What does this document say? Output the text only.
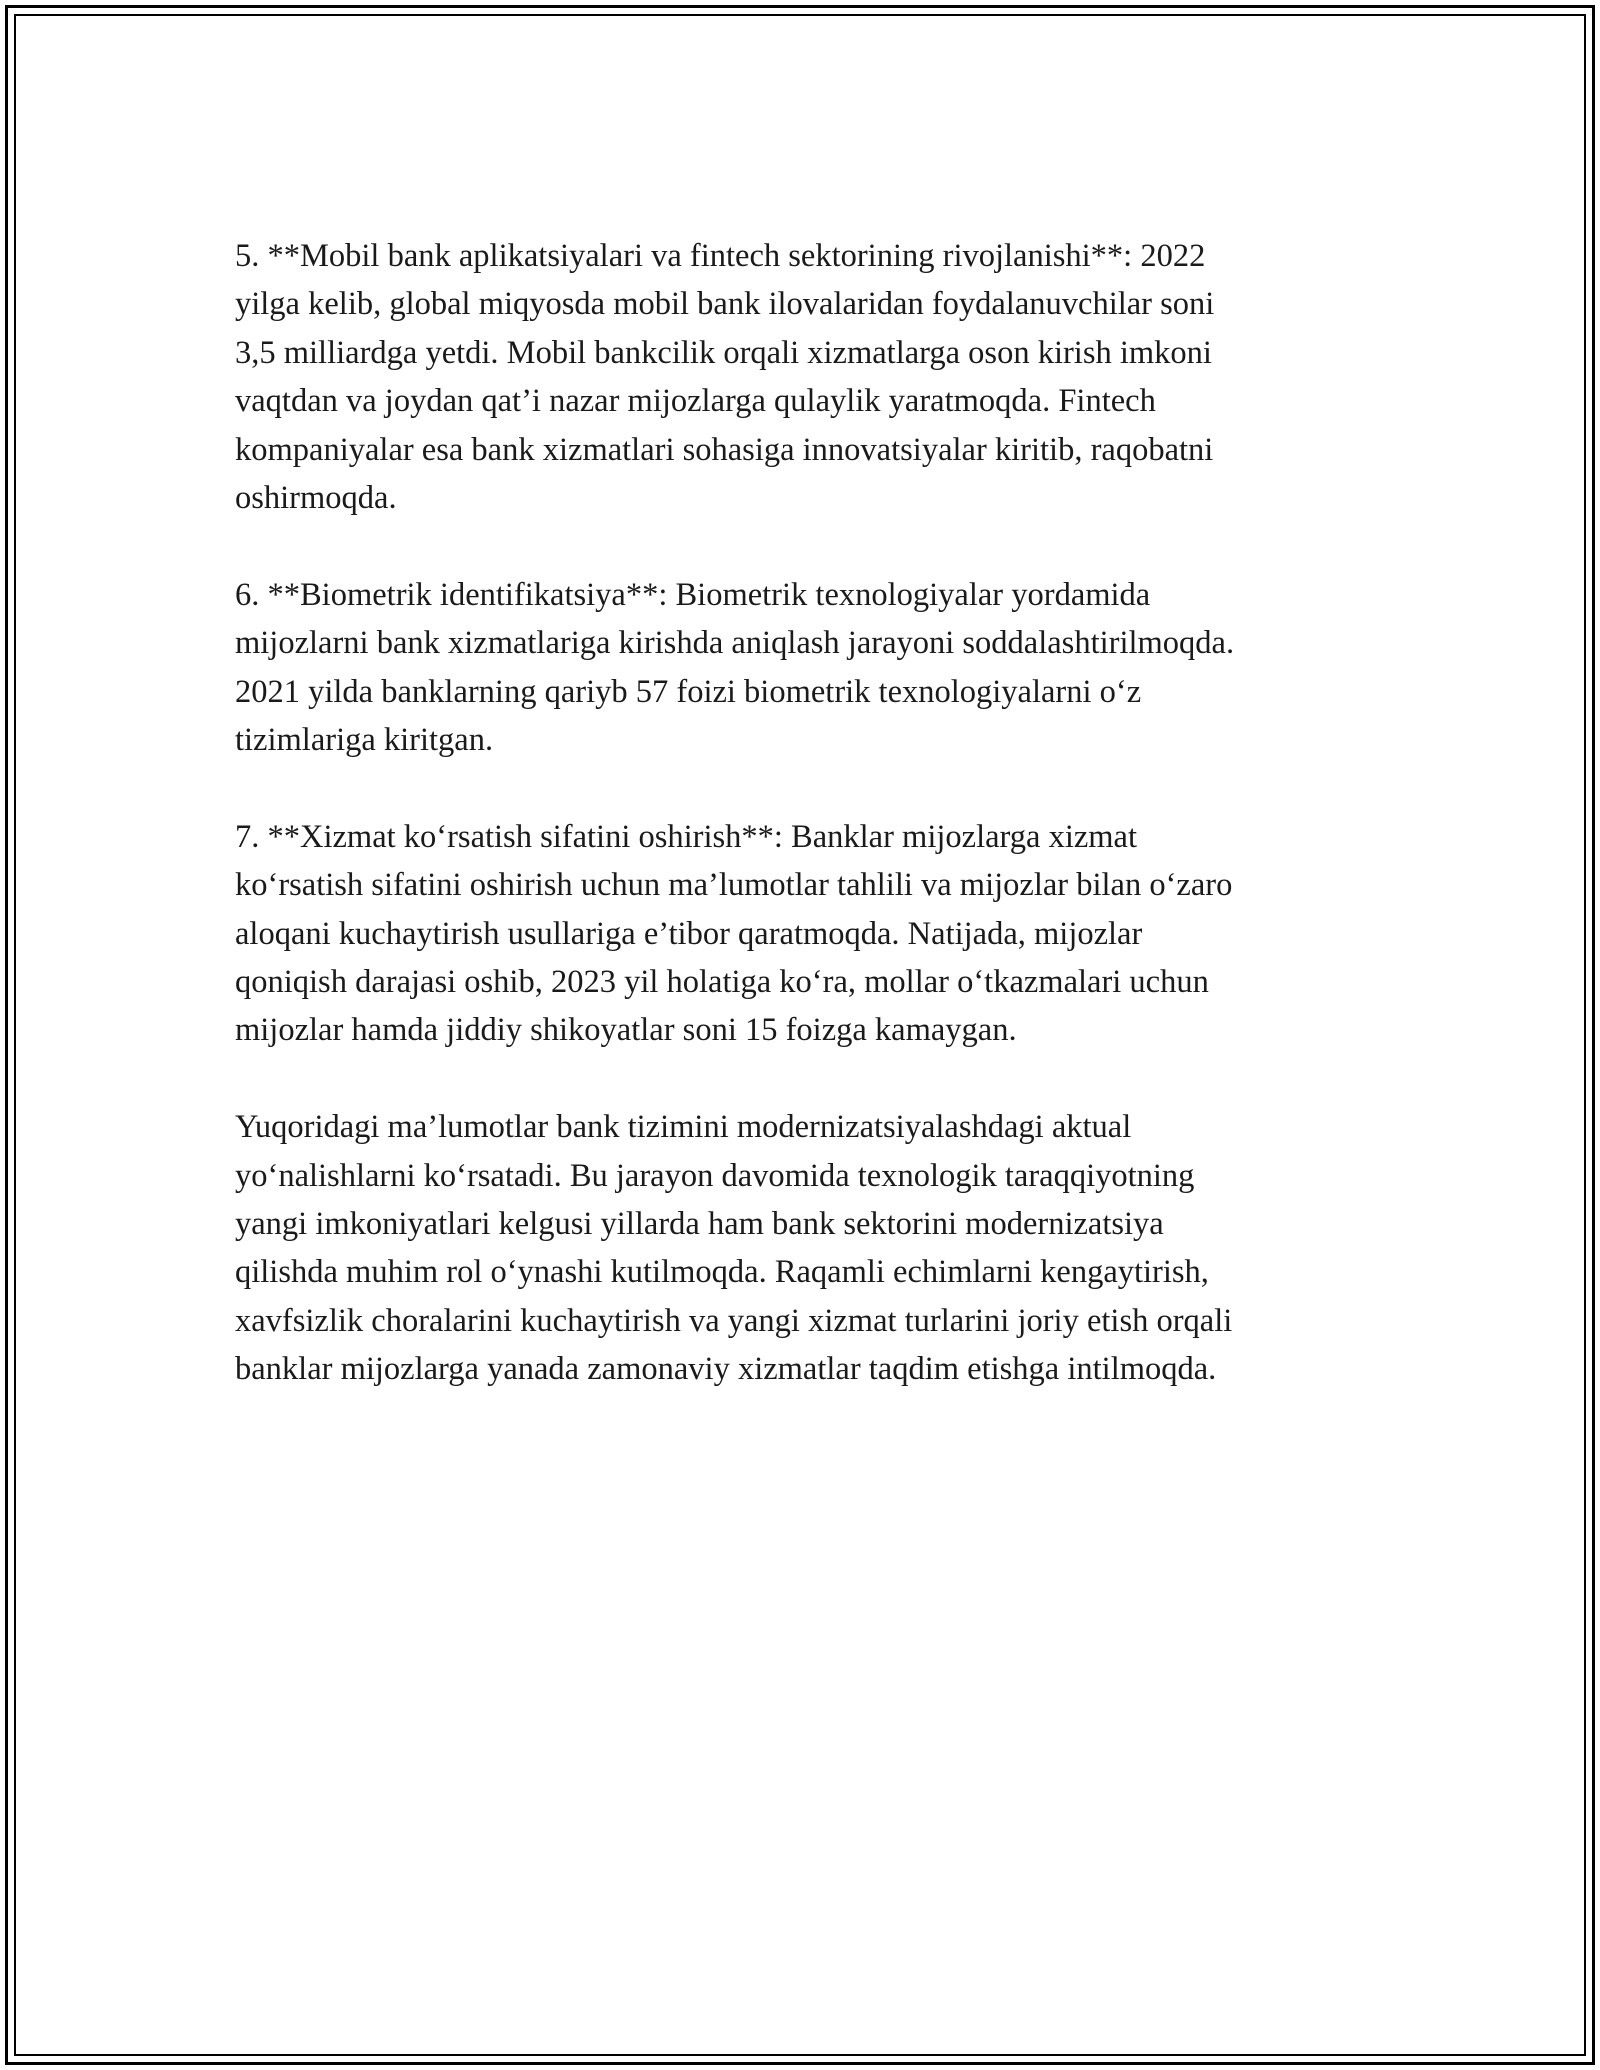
5. **Mobil bank aplikatsiyalari va fintech sektorining rivojlanishi**: 2022
yilga kelib, global miqyosda mobil bank ilovalaridan foydalanuvchilar soni
3,5 milliardga yetdi. Mobil bankcilik orqali xizmatlarga oson kirish imkoni
vaqtdan va joydan qat’i nazar mijozlarga qulaylik yaratmoqda. Fintech
kompaniyalar esa bank xizmatlari sohasiga innovatsiyalar kiritib, raqobatni
oshirmoqda.

6. **Biometrik identifikatsiya**: Biometrik texnologiyalar yordamida
mijozlarni bank xizmatlariga kirishda aniqlash jarayoni soddalashtirilmoqda.
2021 yilda banklarning qariyb 57 foizi biometrik texnologiyalarni o‘z
tizimlariga kiritgan.

7. **Xizmat ko‘rsatish sifatini oshirish**: Banklar mijozlarga xizmat
ko‘rsatish sifatini oshirish uchun ma’lumotlar tahlili va mijozlar bilan o‘zaro
aloqani kuchaytirish usullariga e’tibor qaratmoqda. Natijada, mijozlar
qoniqish darajasi oshib, 2023 yil holatiga ko‘ra, mollar o‘tkazmalari uchun
mijozlar hamda jiddiy shikoyatlar soni 15 foizga kamaygan.

Yuqoridagi ma’lumotlar bank tizimini modernizatsiyalashdagi aktual
yo‘nalishlarni ko‘rsatadi. Bu jarayon davomida texnologik taraqqiyotning
yangi imkoniyatlari kelgusi yillarda ham bank sektorini modernizatsiya
qilishda muhim rol o‘ynashi kutilmoqda. Raqamli echimlarni kengaytirish,
xavfsizlik choralarini kuchaytirish va yangi xizmat turlarini joriy etish orqali
banklar mijozlarga yanada zamonaviy xizmatlar taqdim etishga intilmoqda.
